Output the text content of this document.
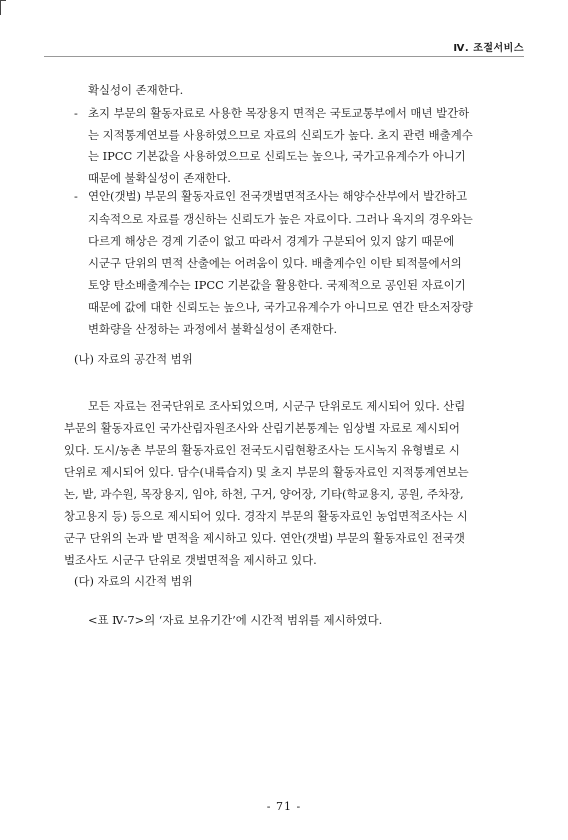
Ⅳ. 조절서비스
확실성이 존재한다.
- 초지 부문의 활동자료로 사용한 목장용지 면적은 국토교통부에서 매년 발간하
는 지적통계연보를 사용하였으므로 자료의 신뢰도가 높다. 초지 관련 배출계수
는 IPCC 기본값을 사용하였으므로 신뢰도는 높으나, 국가고유계수가 아니기
때문에 불확실성이 존재한다.
- 연안(갯벌) 부문의 활동자료인 전국갯벌면적조사는 해양수산부에서 발간하고
지속적으로 자료를 갱신하는 신뢰도가 높은 자료이다. 그러나 육지의 경우와는
다르게 해상은 경계 기준이 없고 따라서 경계가 구분되어 있지 않기 때문에
시군구 단위의 면적 산출에는 어려움이 있다. 배출계수인 이탄 퇴적물에서의
토양 탄소배출계수는 IPCC 기본값을 활용한다. 국제적으로 공인된 자료이기
때문에 값에 대한 신뢰도는 높으나, 국가고유계수가 아니므로 연간 탄소저장량
변화량을 산정하는 과정에서 불확실성이 존재한다.
(나) 자료의 공간적 범위
모든 자료는 전국단위로 조사되었으며, 시군구 단위로도 제시되어 있다. 산림
부문의 활동자료인 국가산림자원조사와 산림기본통계는 임상별 자료로 제시되어
있다. 도시/농촌 부문의 활동자료인 전국도시림현황조사는 도시녹지 유형별로 시
단위로 제시되어 있다. 담수(내륙습지) 및 초지 부문의 활동자료인 지적통계연보는
논, 밭, 과수원, 목장용지, 임야, 하천, 구거, 양어장, 기타(학교용지, 공원, 주차장,
창고용지 등) 등으로 제시되어 있다. 경작지 부문의 활동자료인 농업면적조사는 시
군구 단위의 논과 밭 면적을 제시하고 있다. 연안(갯벌) 부문의 활동자료인 전국갯
벌조사도 시군구 단위로 갯벌면적을 제시하고 있다.
(다) 자료의 시간적 범위
<표 Ⅳ-7>의 ‘자료 보유기간’에 시간적 범위를 제시하였다.
- 71 -
